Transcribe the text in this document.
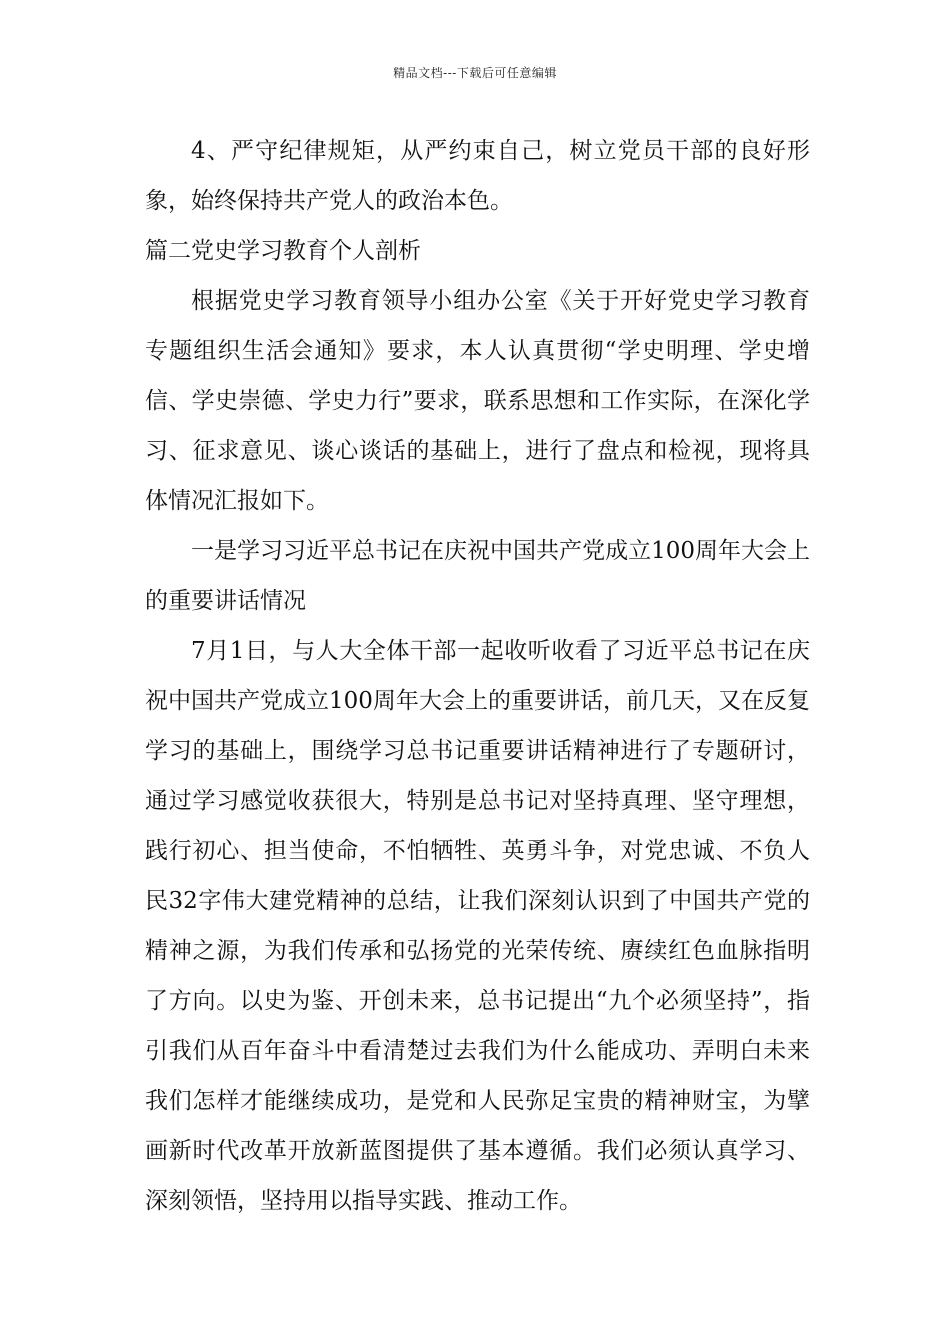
精品文档---下载后可任意编辑

4、严守纪律规矩，从严约束自己，树立党员干部的良好形象，始终保持共产党人的政治本色。

篇二党史学习教育个人剖析

根据党史学习教育领导小组办公室《关于开好党史学习教育专题组织生活会通知》要求，本人认真贯彻“学史明理、学史增信、学史崇德、学史力行”要求，联系思想和工作实际，在深化学习、征求意见、谈心谈话的基础上，进行了盘点和检视，现将具体情况汇报如下。

一是学习习近平总书记在庆祝中国共产党成立100周年大会上的重要讲话情况

7月1日，与人大全体干部一起收听收看了习近平总书记在庆祝中国共产党成立100周年大会上的重要讲话，前几天，又在反复学习的基础上，围绕学习总书记重要讲话精神进行了专题研讨，通过学习感觉收获很大，特别是总书记对坚持真理、坚守理想，践行初心、担当使命，不怕牺牲、英勇斗争，对党忠诚、不负人民32字伟大建党精神的总结，让我们深刻认识到了中国共产党的精神之源，为我们传承和弘扬党的光荣传统、赓续红色血脉指明了方向。以史为鉴、开创未来，总书记提出“九个必须坚持”，指引我们从百年奋斗中看清楚过去我们为什么能成功、弄明白未来我们怎样才能继续成功，是党和人民弥足宝贵的精神财宝，为擘画新时代改革开放新蓝图提供了基本遵循。我们必须认真学习、深刻领悟，坚持用以指导实践、推动工作。
